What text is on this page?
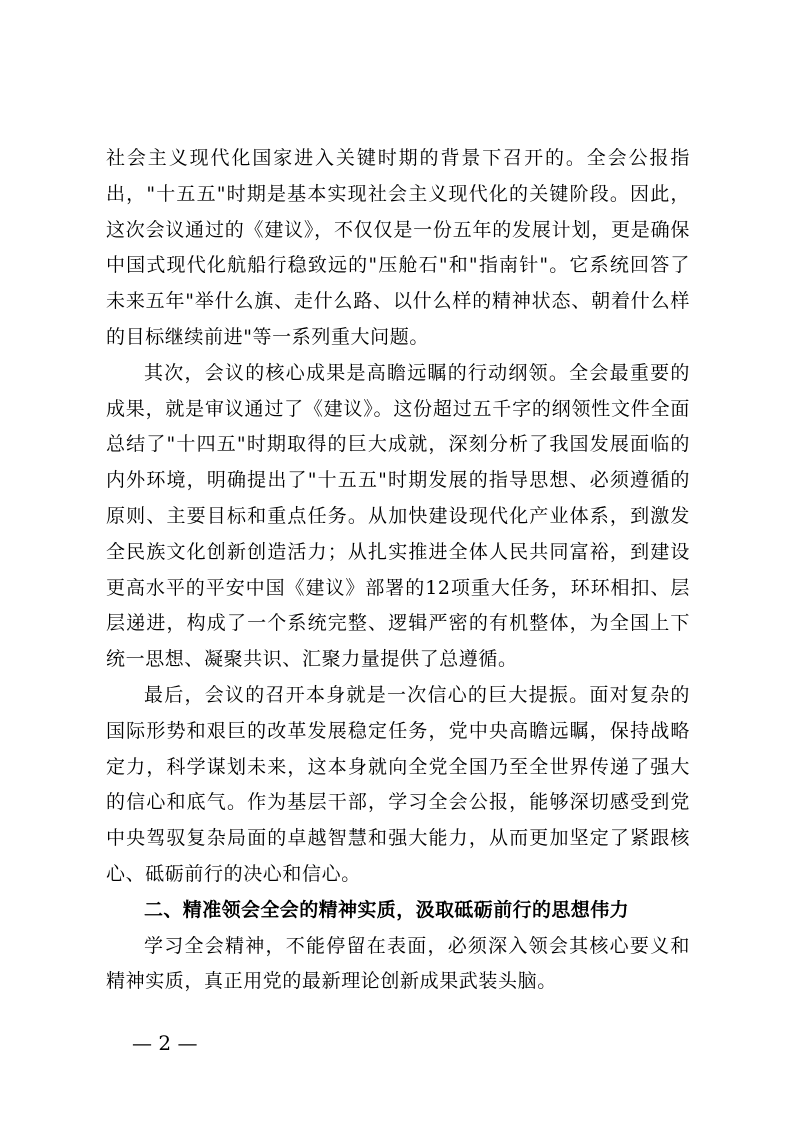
社会主义现代化国家进入关键时期的背景下召开的。全会公报指出，"十五五"时期是基本实现社会主义现代化的关键阶段。因此，这次会议通过的《建议》，不仅仅是一份五年的发展计划，更是确保中国式现代化航船行稳致远的"压舱石"和"指南针"。它系统回答了未来五年"举什么旗、走什么路、以什么样的精神状态、朝着什么样的目标继续前进"等一系列重大问题。

其次，会议的核心成果是高瞻远瞩的行动纲领。全会最重要的成果，就是审议通过了《建议》。这份超过五千字的纲领性文件全面总结了"十四五"时期取得的巨大成就，深刻分析了我国发展面临的内外环境，明确提出了"十五五"时期发展的指导思想、必须遵循的原则、主要目标和重点任务。从加快建设现代化产业体系，到激发全民族文化创新创造活力；从扎实推进全体人民共同富裕，到建设更高水平的平安中国《建议》部署的12项重大任务，环环相扣、层层递进，构成了一个系统完整、逻辑严密的有机整体，为全国上下统一思想、凝聚共识、汇聚力量提供了总遵循。

最后，会议的召开本身就是一次信心的巨大提振。面对复杂的国际形势和艰巨的改革发展稳定任务，党中央高瞻远瞩，保持战略定力，科学谋划未来，这本身就向全党全国乃至全世界传递了强大的信心和底气。作为基层干部，学习全会公报，能够深切感受到党中央驾驭复杂局面的卓越智慧和强大能力，从而更加坚定了紧跟核心、砥砺前行的决心和信心。

二、精准领会全会的精神实质，汲取砥砺前行的思想伟力

学习全会精神，不能停留在表面，必须深入领会其核心要义和精神实质，真正用党的最新理论创新成果武装头脑。

— 2 —
